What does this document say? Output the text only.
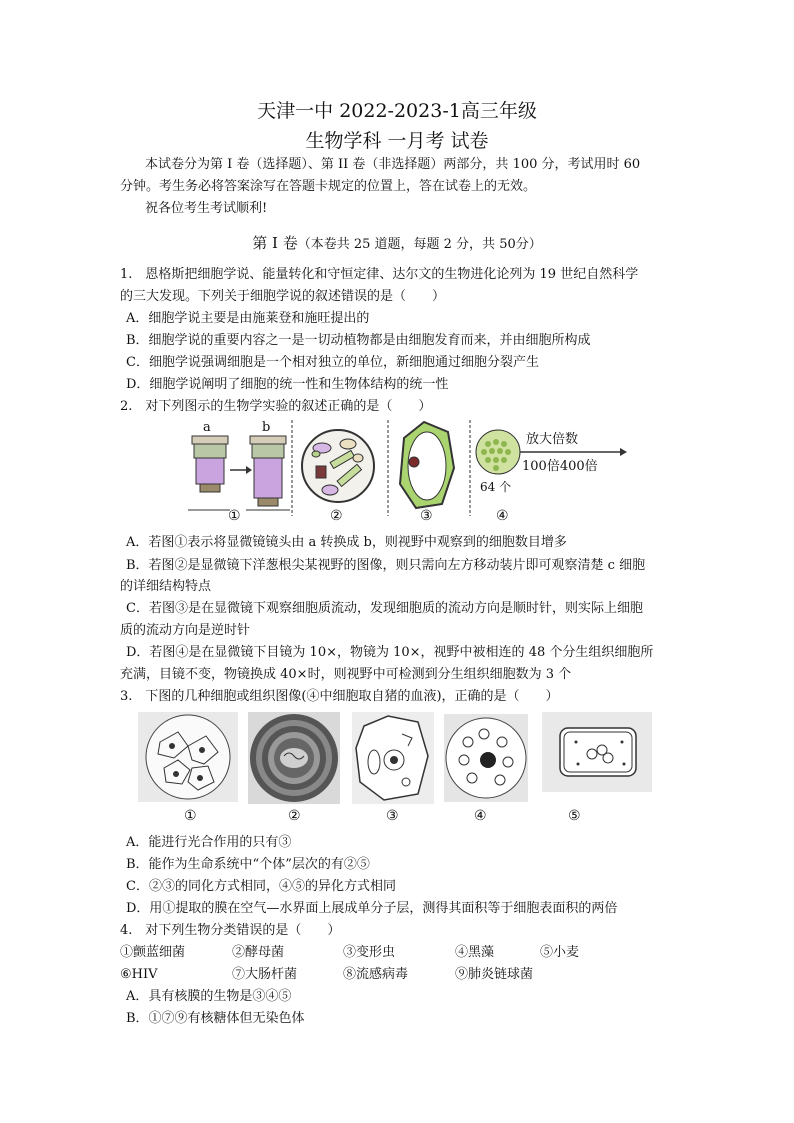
天津一中 2022-2023-1高三年级
生物学科 一月考 试卷
本试卷分为第 I 卷（选择题）、第 II 卷（非选择题）两部分，共 100 分，考试用时 60
分钟。考生务必将答案涂写在答题卡规定的位置上，答在试卷上的无效。
祝各位考生考试顺利!
第 I 卷（本卷共 25 道题，每题 2 分，共 50分）
1.　恩格斯把细胞学说、能量转化和守恒定律、达尔文的生物进化论列为 19 世纪自然科学
的三大发现。下列关于细胞学说的叙述错误的是（　　）
A．细胞学说主要是由施莱登和施旺提出的
B．细胞学说的重要内容之一是一切动植物都是由细胞发育而来，并由细胞所构成
C．细胞学说强调细胞是一个相对独立的单位，新细胞通过细胞分裂产生
D．细胞学说阐明了细胞的统一性和生物体结构的统一性
2.　对下列图示的生物学实验的叙述正确的是（　　）
a	b
放大倍数
100倍400倍
64 个
①	②	③	④
A．若图①表示将显微镜镜头由 a 转换成 b，则视野中观察到的细胞数目增多
B．若图②是显微镜下洋葱根尖某视野的图像，则只需向左方移动装片即可观察清楚 c 细胞
的详细结构特点
C．若图③是在显微镜下观察细胞质流动，发现细胞质的流动方向是顺时针，则实际上细胞
质的流动方向是逆时针
D．若图④是在显微镜下目镜为 10×，物镜为 10×，视野中被相连的 48 个分生组织细胞所
充满，目镜不变，物镜换成 40×时，则视野中可检测到分生组织细胞数为 3 个
3.　下图的几种细胞或组织图像(④中细胞取自猪的血液)，正确的是（　　）
①	②	③	④	⑤
A．能进行光合作用的只有③
B．能作为生命系统中“个体”层次的有②⑤
C．②③的同化方式相同，④⑤的异化方式相同
D．用①提取的膜在空气—水界面上展成单分子层，测得其面积等于细胞表面积的两倍
4.　对下列生物分类错误的是（　　）
①颤蓝细菌	②酵母菌	③变形虫	④黑藻	⑤小麦
⑥HIV	⑦大肠杆菌	⑧流感病毒	⑨肺炎链球菌
A．具有核膜的生物是③④⑤
B．①⑦⑨有核糖体但无染色体
